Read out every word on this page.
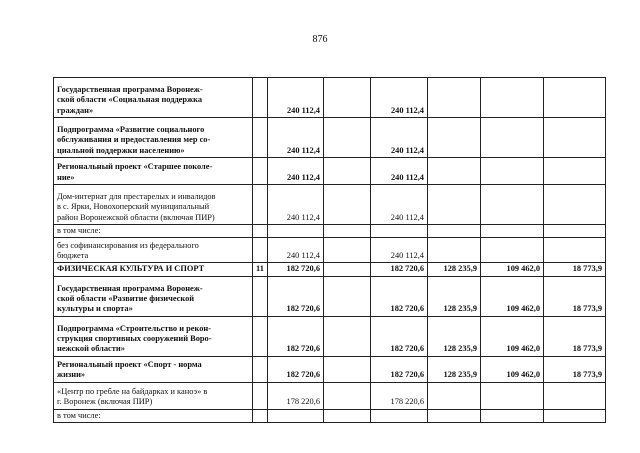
876
Государственная программа Воронеж-
ской области «Социальная поддержка
граждан»		240 112,4		240 112,4			
Подпрограмма «Развитие социального
обслуживания и предоставления мер со-
циальной поддержки населению»		240 112,4		240 112,4			
Региональный проект «Старшее поколе-
ние»		240 112,4		240 112,4			
Дом-интернат для престарелых и инвалидов
в с. Ярки, Новохоперский муниципальный
район Воронежской области (включая ПИР)		240 112,4		240 112,4			
в том числе:							
без софинансирования из федерального
бюджета		240 112,4		240 112,4			
ФИЗИЧЕСКАЯ КУЛЬТУРА И СПОРТ	11	182 720,6		182 720,6	128 235,9	109 462,0	18 773,9
Государственная программа Воронеж-
ской области «Развитие физической
культуры и спорта»		182 720,6		182 720,6	128 235,9	109 462,0	18 773,9
Подпрограмма «Строительство и рекон-
струкция спортивных сооружений Воро-
нежской области»		182 720,6		182 720,6	128 235,9	109 462,0	18 773,9
Региональный проект «Спорт - норма
жизни»		182 720,6		182 720,6	128 235,9	109 462,0	18 773,9
«Центр по гребле на байдарках и каноэ» в
г. Воронеж (включая ПИР)		178 220,6		178 220,6			
в том числе:							
